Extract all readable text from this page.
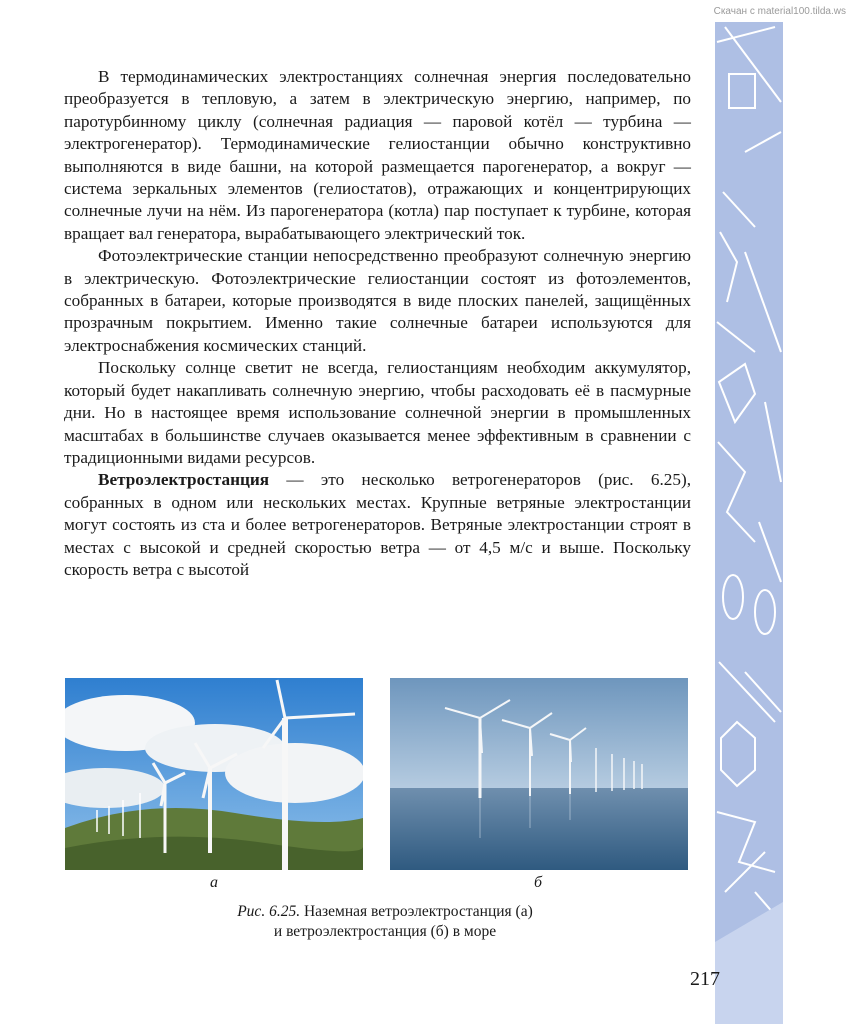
Скачан с material100.tilda.ws

В термодинамических электростанциях солнечная энергия последовательно преобразуется в тепловую, а затем в электрическую энергию, например, по паротурбинному циклу (солнечная радиация — паровой котёл — турбина — электрогенератор). Термодинамические гелиостанции обычно конструктивно выполняются в виде башни, на которой размещается парогенератор, а вокруг — система зеркальных элементов (гелиостатов), отражающих и концентрирующих солнечные лучи на нём. Из парогенератора (котла) пар поступает к турбине, которая вращает вал генератора, вырабатывающего электрический ток.

Фотоэлектрические станции непосредственно преобразуют солнечную энергию в электрическую. Фотоэлектрические гелиостанции состоят из фотоэлементов, собранных в батареи, которые производятся в виде плоских панелей, защищённых прозрачным покрытием. Именно такие солнечные батареи используются для электроснабжения космических станций.

Поскольку солнце светит не всегда, гелиостанциям необходим аккумулятор, который будет накапливать солнечную энергию, чтобы расходовать её в пасмурные дни. Но в настоящее время использование солнечной энергии в промышленных масштабах в большинстве случаев оказывается менее эффективным в сравнении с традиционными видами ресурсов.

Ветроэлектростанция — это несколько ветрогенераторов (рис. 6.25), собранных в одном или нескольких местах. Крупные ветряные электростанции могут состоять из ста и более ветрогенераторов. Ветряные электростанции строят в местах с высокой и средней скоростью ветра — от 4,5 м/с и выше. Поскольку скорость ветра с высотой

а	б
Рис. 6.25. Наземная ветроэлектростанция (а)
и ветроэлектростанция (б) в море
217
